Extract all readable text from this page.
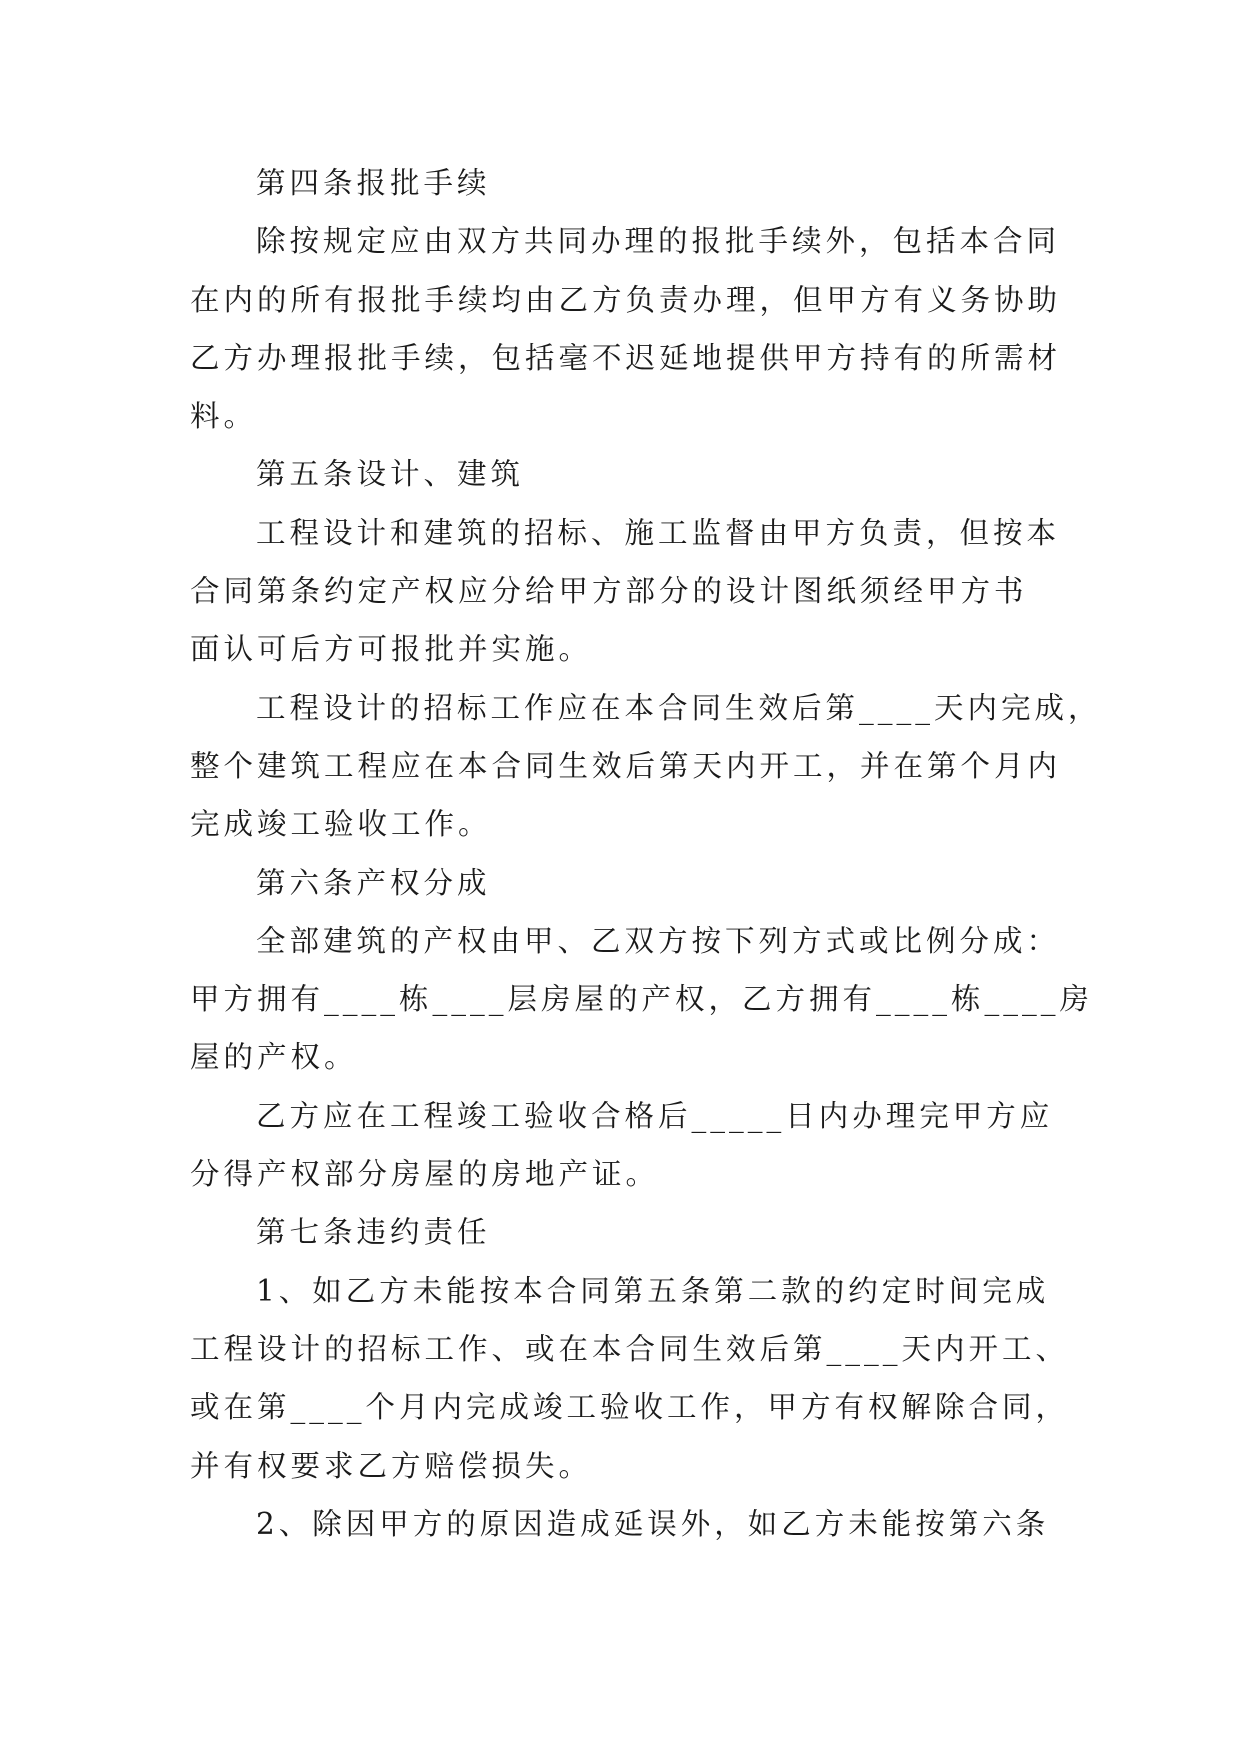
第四条报批手续

除按规定应由双方共同办理的报批手续外，包括本合同
在内的所有报批手续均由乙方负责办理，但甲方有义务协助
乙方办理报批手续，包括毫不迟延地提供甲方持有的所需材
料。

第五条设计、建筑

工程设计和建筑的招标、施工监督由甲方负责，但按本
合同第条约定产权应分给甲方部分的设计图纸须经甲方书
面认可后方可报批并实施。

工程设计的招标工作应在本合同生效后第____天内完成，
整个建筑工程应在本合同生效后第天内开工，并在第个月内
完成竣工验收工作。

第六条产权分成

全部建筑的产权由甲、乙双方按下列方式或比例分成：
甲方拥有____栋____层房屋的产权，乙方拥有____栋____房
屋的产权。

乙方应在工程竣工验收合格后_____日内办理完甲方应
分得产权部分房屋的房地产证。

第七条违约责任

1、如乙方未能按本合同第五条第二款的约定时间完成
工程设计的招标工作、或在本合同生效后第____天内开工、
或在第____个月内完成竣工验收工作，甲方有权解除合同，
并有权要求乙方赔偿损失。

2、除因甲方的原因造成延误外，如乙方未能按第六条
